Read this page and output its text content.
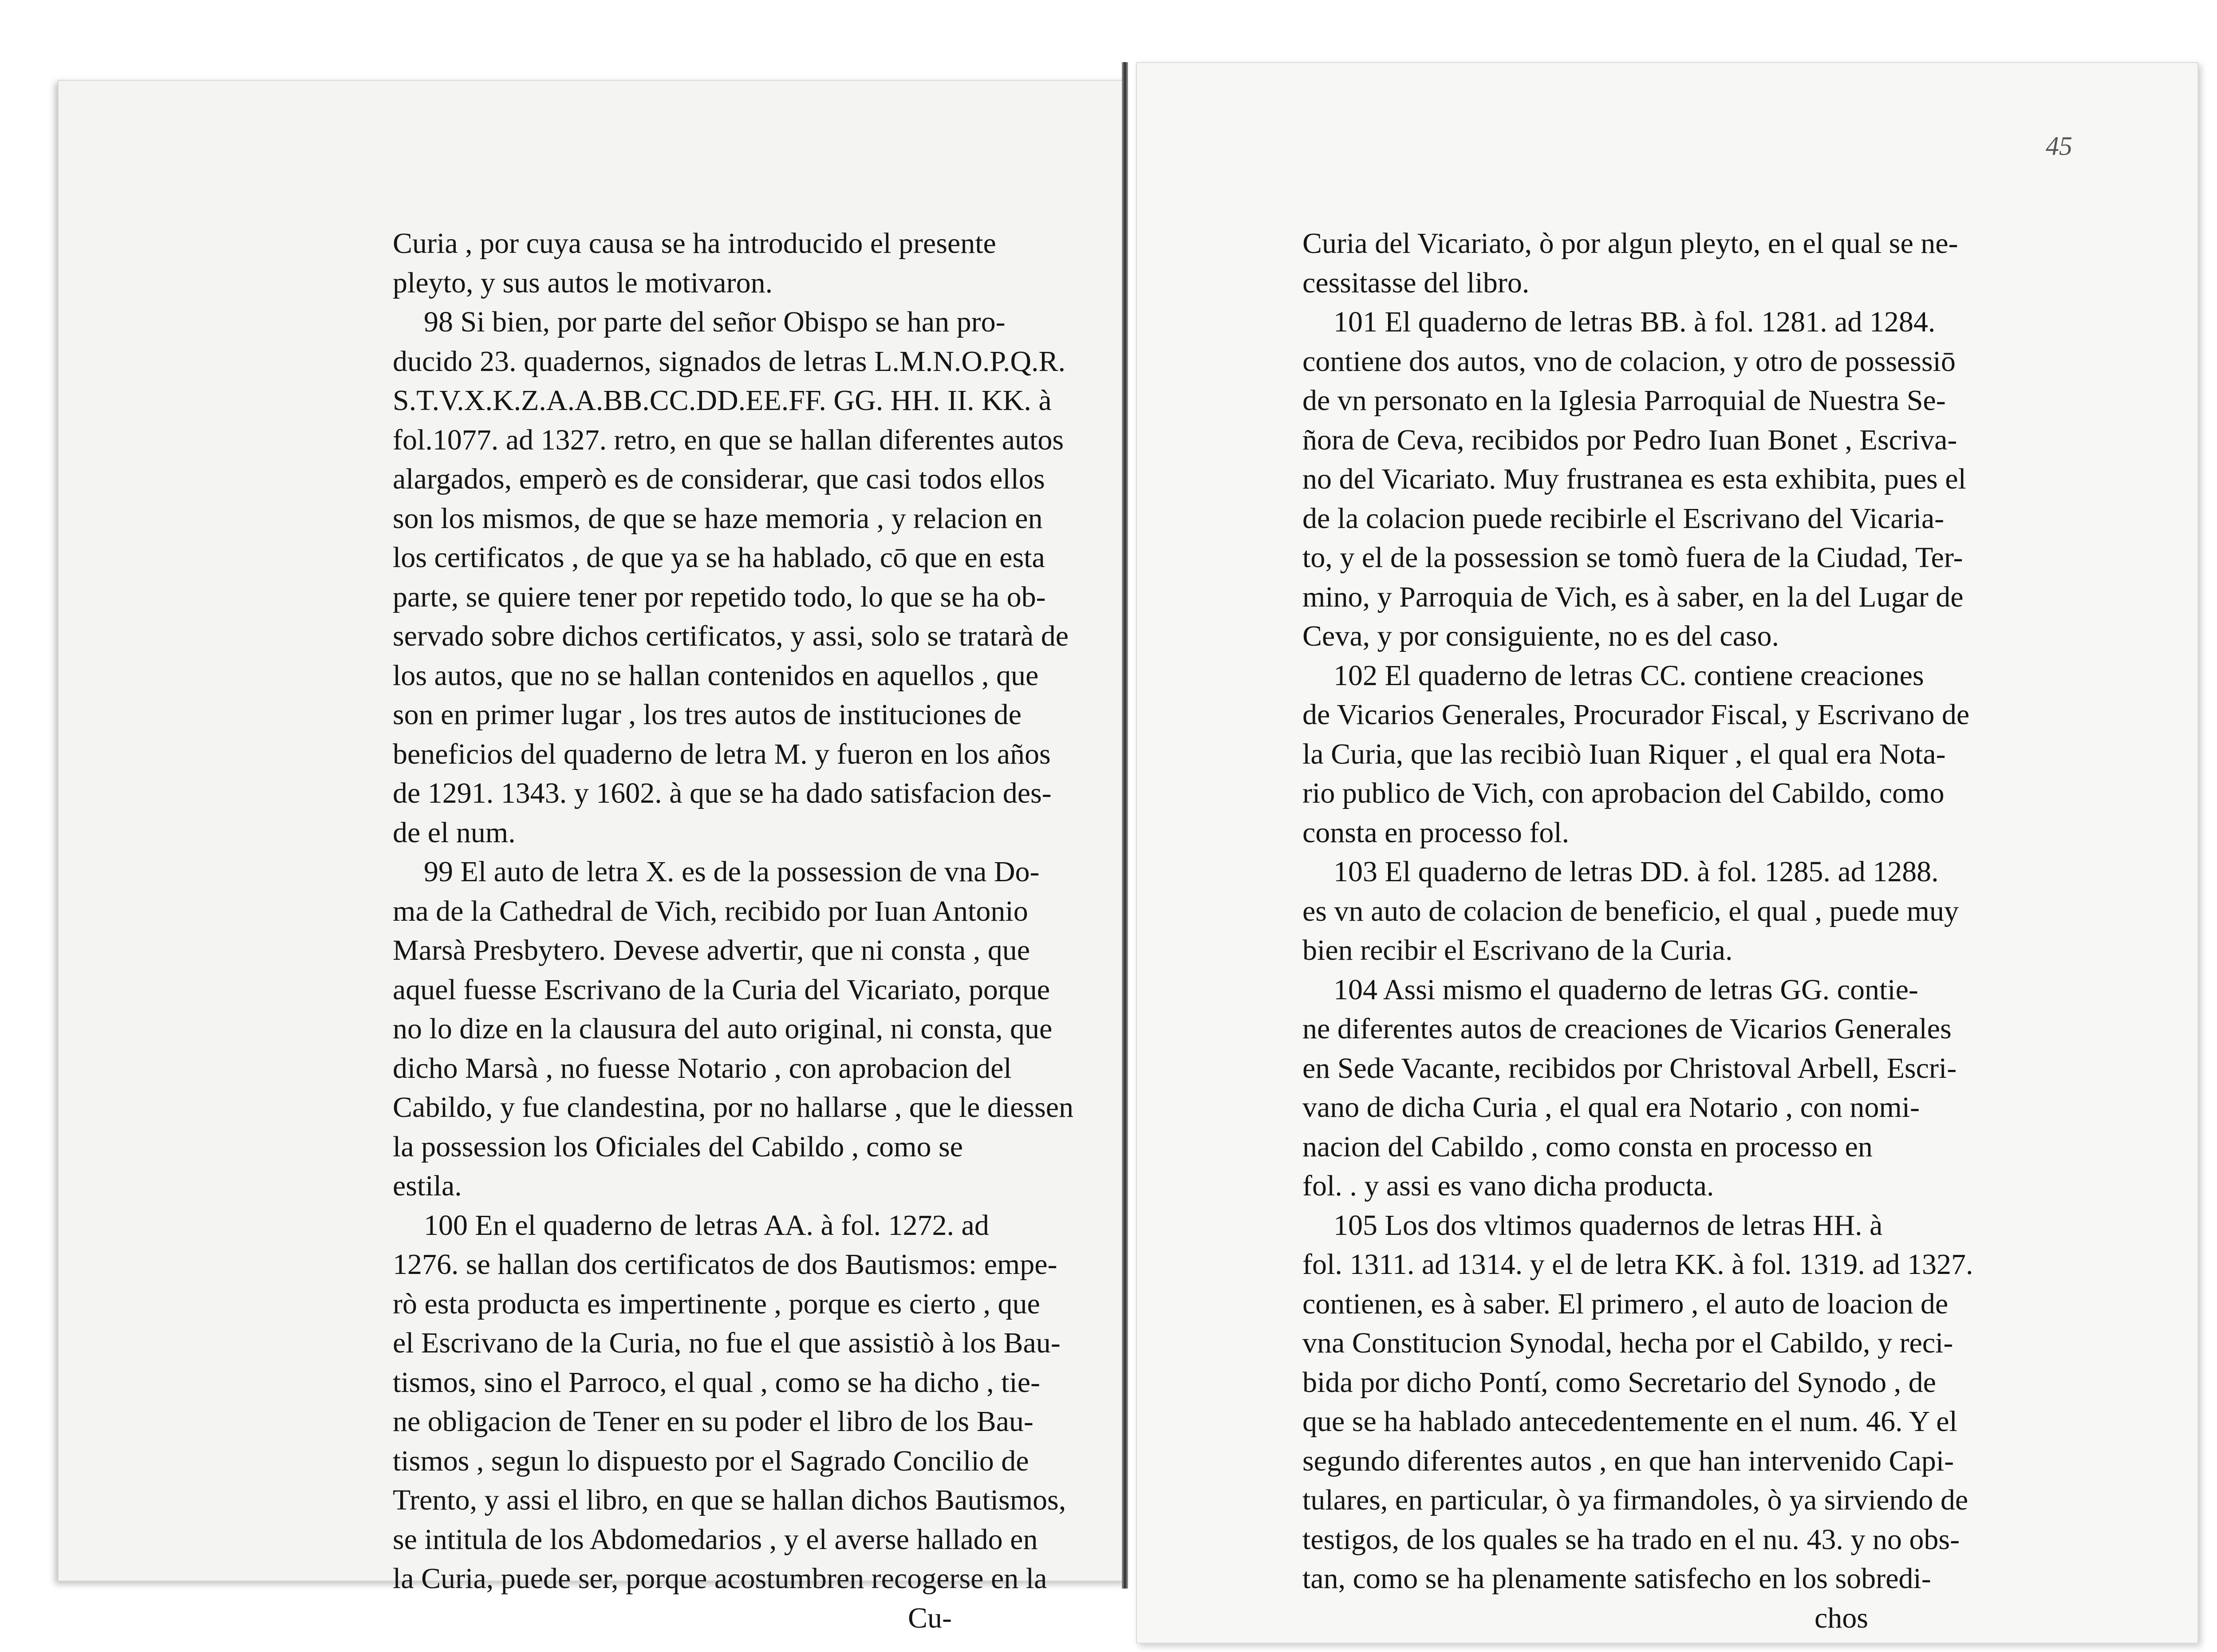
45
Curia , por cuya causa se ha introducido el presente
pleyto, y sus autos le motivaron.
98 Si bien, por parte del señor Obispo se han pro-
ducido 23. quadernos, signados de letras L.M.N.O.P.Q.R.
S.T.V.X.K.Z.A.A.BB.CC.DD.EE.FF. GG. HH. II. KK. à
fol.1077. ad 1327. retro, en que se hallan diferentes autos
alargados, emperò es de considerar, que casi todos ellos
son los mismos, de que se haze memoria , y relacion en
los certificatos , de que ya se ha hablado, cō que en esta
parte, se quiere tener por repetido todo, lo que se ha ob-
servado sobre dichos certificatos, y assi, solo se tratarà de
los autos, que no se hallan contenidos en aquellos , que
son en primer lugar , los tres autos de instituciones de
beneficios del quaderno de letra M. y fueron en los años
de 1291. 1343. y 1602. à que se ha dado satisfacion des-
de el num.
99 El auto de letra X. es de la possession de vna Do-
ma de la Cathedral de Vich, recibido por Iuan Antonio
Marsà Presbytero. Devese advertir, que ni consta , que
aquel fuesse Escrivano de la Curia del Vicariato, porque
no lo dize en la clausura del auto original, ni consta, que
dicho Marsà , no fuesse Notario , con aprobacion del
Cabildo, y fue clandestina, por no hallarse , que le diessen
la possession los Oficiales del Cabildo , como se
estila.
100 En el quaderno de letras AA. à fol. 1272. ad
1276. se hallan dos certificatos de dos Bautismos: empe-
rò esta producta es impertinente , porque es cierto , que
el Escrivano de la Curia, no fue el que assistiò à los Bau-
tismos, sino el Parroco, el qual , como se ha dicho , tie-
ne obligacion de Tener en su poder el libro de los Bau-
tismos , segun lo dispuesto por el Sagrado Concilio de
Trento, y assi el libro, en que se hallan dichos Bautismos,
se intitula de los Abdomedarios , y el averse hallado en
la Curia, puede ser, porque acostumbren recogerse en la
Cu-
Curia del Vicariato, ò por algun pleyto, en el qual se ne-
cessitasse del libro.
101 El quaderno de letras BB. à fol. 1281. ad 1284.
contiene dos autos, vno de colacion, y otro de possessiō
de vn personato en la Iglesia Parroquial de Nuestra Se-
ñora de Ceva, recibidos por Pedro Iuan Bonet , Escriva-
no del Vicariato. Muy frustranea es esta exhibita, pues el
de la colacion puede recibirle el Escrivano del Vicaria-
to, y el de la possession se tomò fuera de la Ciudad, Ter-
mino, y Parroquia de Vich, es à saber, en la del Lugar de
Ceva, y por consiguiente, no es del caso.
102 El quaderno de letras CC. contiene creaciones
de Vicarios Generales, Procurador Fiscal, y Escrivano de
la Curia, que las recibiò Iuan Riquer , el qual era Nota-
rio publico de Vich, con aprobacion del Cabildo, como
consta en processo fol.
103 El quaderno de letras DD. à fol. 1285. ad 1288.
es vn auto de colacion de beneficio, el qual , puede muy
bien recibir el Escrivano de la Curia.
104 Assi mismo el quaderno de letras GG. contie-
ne diferentes autos de creaciones de Vicarios Generales
en Sede Vacante, recibidos por Christoval Arbell, Escri-
vano de dicha Curia , el qual era Notario , con nomi-
nacion del Cabildo , como consta en processo en
fol. . y assi es vano dicha producta.
105 Los dos vltimos quadernos de letras HH. à
fol. 1311. ad 1314. y el de letra KK. à fol. 1319. ad 1327.
contienen, es à saber. El primero , el auto de loacion de
vna Constitucion Synodal, hecha por el Cabildo, y reci-
bida por dicho Pontí, como Secretario del Synodo , de
que se ha hablado antecedentemente en el num. 46. Y el
segundo diferentes autos , en que han intervenido Capi-
tulares, en particular, ò ya firmandoles, ò ya sirviendo de
testigos, de los quales se ha trado en el nu. 43. y no obs-
tan, como se ha plenamente satisfecho en los sobredi-
chos
